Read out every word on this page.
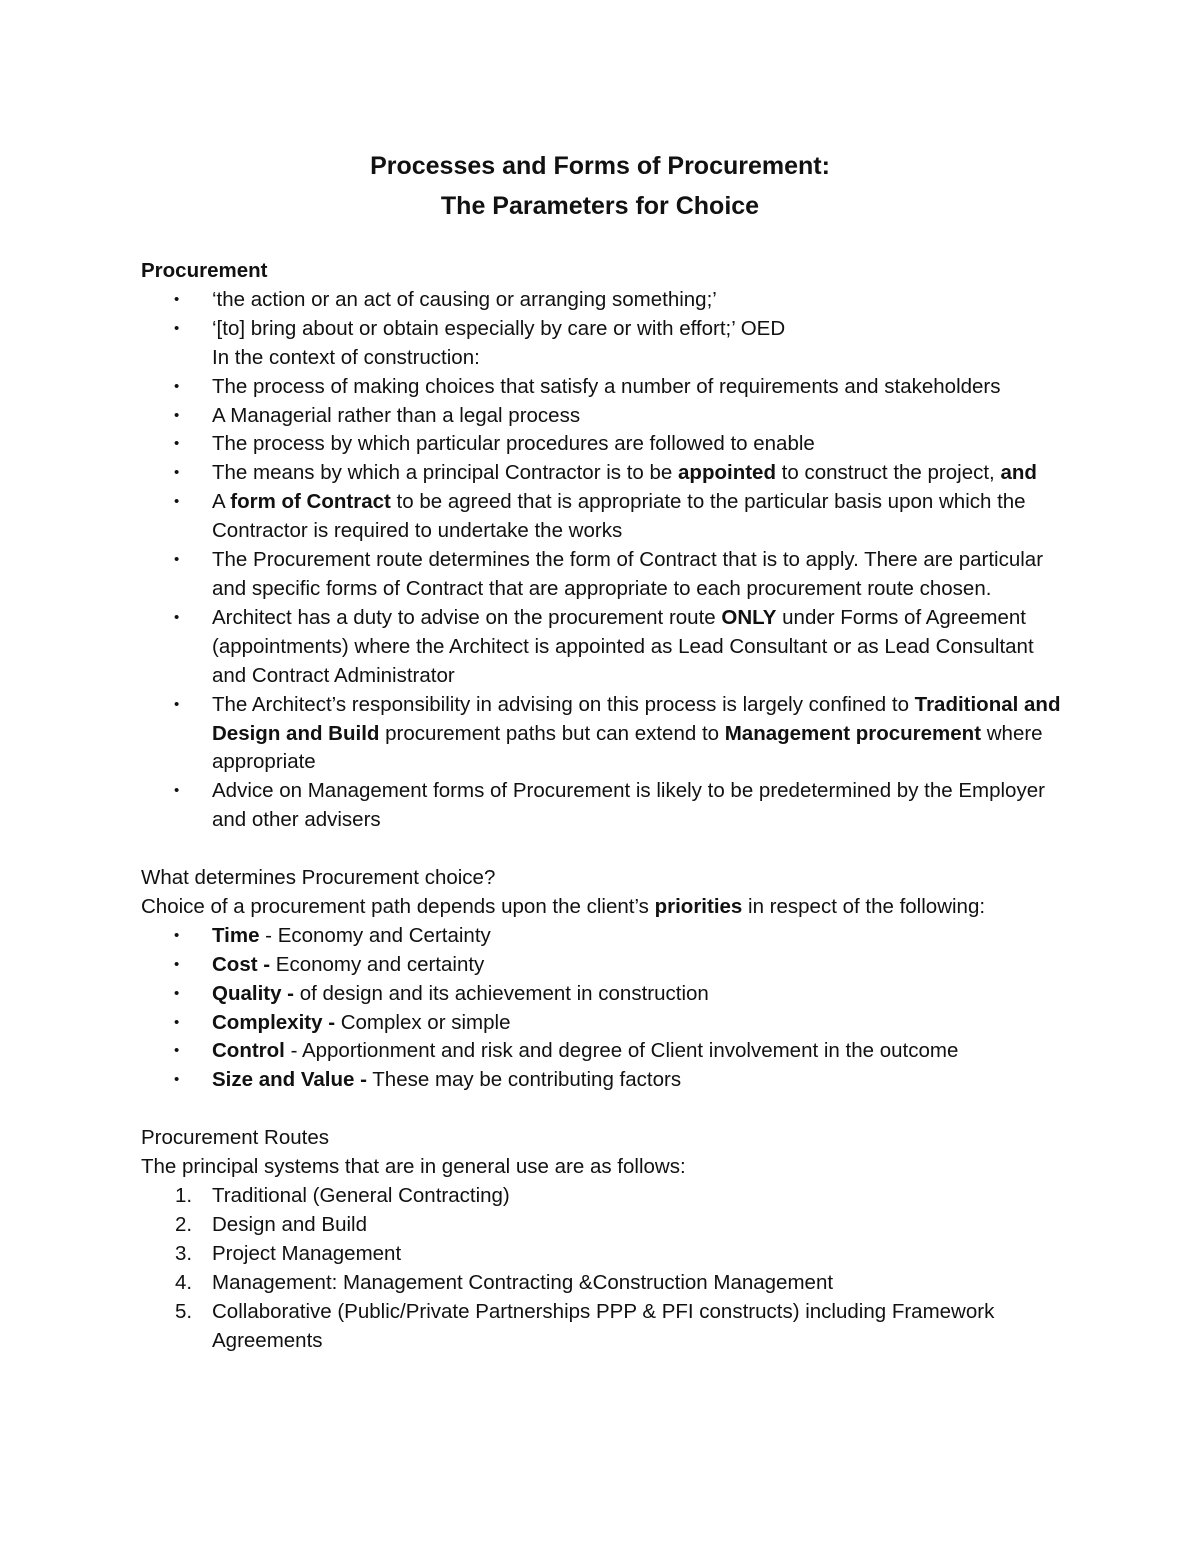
Processes and Forms of Procurement:
The Parameters for Choice
Procurement
• ‘the action or an act of causing or arranging something;’
• ‘[to] bring about or obtain especially by care or with effort;’ OED
In the context of construction:
• The process of making choices that satisfy a number of requirements and stakeholders
• A Managerial rather than a legal process
• The process by which particular procedures are followed to enable
• The means by which a principal Contractor is to be appointed to construct the project, and
• A form of Contract to be agreed that is appropriate to the particular basis upon which the Contractor is required to undertake the works
• The Procurement route determines the form of Contract that is to apply. There are particular and specific forms of Contract that are appropriate to each procurement route chosen.
• Architect has a duty to advise on the procurement route ONLY under Forms of Agreement (appointments) where the Architect is appointed as Lead Consultant or as Lead Consultant and Contract Administrator
• The Architect’s responsibility in advising on this process is largely confined to Traditional and Design and Build procurement paths but can extend to Management procurement where appropriate
• Advice on Management forms of Procurement is likely to be predetermined by the Employer and other advisers
What determines Procurement choice?
Choice of a procurement path depends upon the client’s priorities in respect of the following:
• Time - Economy and Certainty
• Cost - Economy and certainty
• Quality - of design and its achievement in construction
• Complexity - Complex or simple
• Control - Apportionment and risk and degree of Client involvement in the outcome
• Size and Value - These may be contributing factors
Procurement Routes
The principal systems that are in general use are as follows:
1. Traditional (General Contracting)
2. Design and Build
3. Project Management
4. Management: Management Contracting &Construction Management
5. Collaborative (Public/Private Partnerships PPP & PFI constructs) including Framework Agreements
